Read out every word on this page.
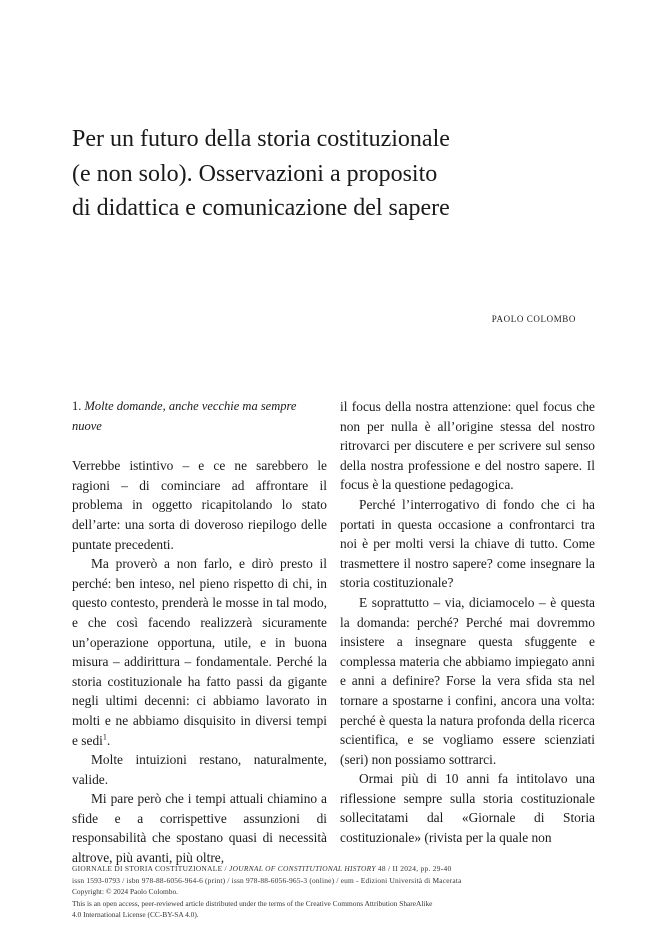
Per un futuro della storia costituzionale
(e non solo). Osservazioni a proposito
di didattica e comunicazione del sapere
PAOLO COLOMBO

1. Molte domande, anche vecchie ma sempre nuove

Verrebbe istintivo – e ce ne sarebbero le ragioni – di cominciare ad affrontare il problema in oggetto ricapitolando lo stato dell’arte: una sorta di doveroso riepilogo delle puntate precedenti.

Ma proverò a non farlo, e dirò presto il perché: ben inteso, nel pieno rispetto di chi, in questo contesto, prenderà le mosse in tal modo, e che così facendo realizzerà sicuramente un’operazione opportuna, utile, e in buona misura – addirittura – fondamentale. Perché la storia costituzionale ha fatto passi da gigante negli ultimi decenni: ci abbiamo lavorato in molti e ne abbiamo disquisito in diversi tempi e sedi$^1$.

Molte intuizioni restano, naturalmente, valide.

Mi pare però che i tempi attuali chiamino a sfide e a corrispettive assunzioni di responsabilità che spostano quasi di necessità altrove, più avanti, più oltre,

il focus della nostra attenzione: quel focus che non per nulla è all’origine stessa del nostro ritrovarci per discutere e per scrivere sul senso della nostra professione e del nostro sapere. Il focus è la questione pedagogica.

Perché l’interrogativo di fondo che ci ha portati in questa occasione a confrontarci tra noi è per molti versi la chiave di tutto. Come trasmettere il nostro sapere? come insegnare la storia costituzionale?

E soprattutto – via, diciamocelo – è questa la domanda: perché? Perché mai dovremmo insistere a insegnare questa sfuggente e complessa materia che abbiamo impiegato anni e anni a definire? Forse la vera sfida sta nel tornare a spostarne i confini, ancora una volta: perché è questa la natura profonda della ricerca scientifica, e se vogliamo essere scienziati (seri) non possiamo sottrarci.

Ormai più di 10 anni fa intitolavo una riflessione sempre sulla storia costituzionale sollecitatami dal «Giornale di Storia costituzionale» (rivista per la quale non

GIORNALE DI STORIA COSTITUZIONALE / JOURNAL OF CONSTITUTIONAL HISTORY 48 / II 2024, pp. 29-40
issn 1593-0793 / isbn 978-88-6056-964-6 (print) / issn 978-88-6056-965-3 (online) / eum - Edizioni Università di Macerata
Copyright: © 2024 Paolo Colombo.
This is an open access, peer-reviewed article distributed under the terms of the Creative Commons Attribution ShareAlike
4.0 International License (CC-BY-SA 4.0).
